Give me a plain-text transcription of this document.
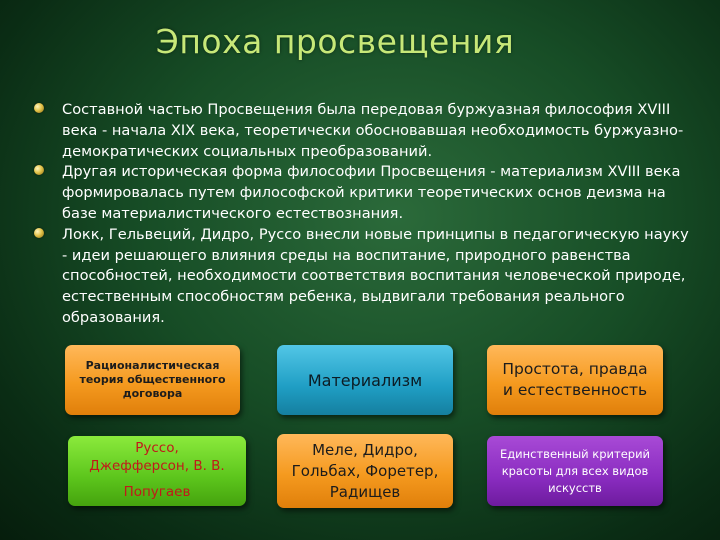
Эпоха просвещения
Составной частью Просвещения была передовая буржуазная философия XVIII века - начала XIX века, теоретически обосновавшая необходимость буржуазно-демократических социальных преобразований.
Другая историческая форма философии Просвещения - материализм XVIII века формировалась путем философской критики теоретических основ деизма на базе материалистического естествознания.
Локк, Гельвеций, Дидро, Руссо внесли новые принципы в педагогическую науку - идеи решающего влияния среды на воспитание, природного равенства способностей, необходимости соответствия воспитания человеческой природе, естественным способностям ребенка, выдвигали требования реального образования.
Рационалистическая теория общественного договора
Материализм
Простота, правда и естественность
Руссо,
Джефферсон, В. В.
Попугаев
Меле, Дидро, Гольбах, Форетер, Радищев
Единственный критерий красоты для всех видов искусств
